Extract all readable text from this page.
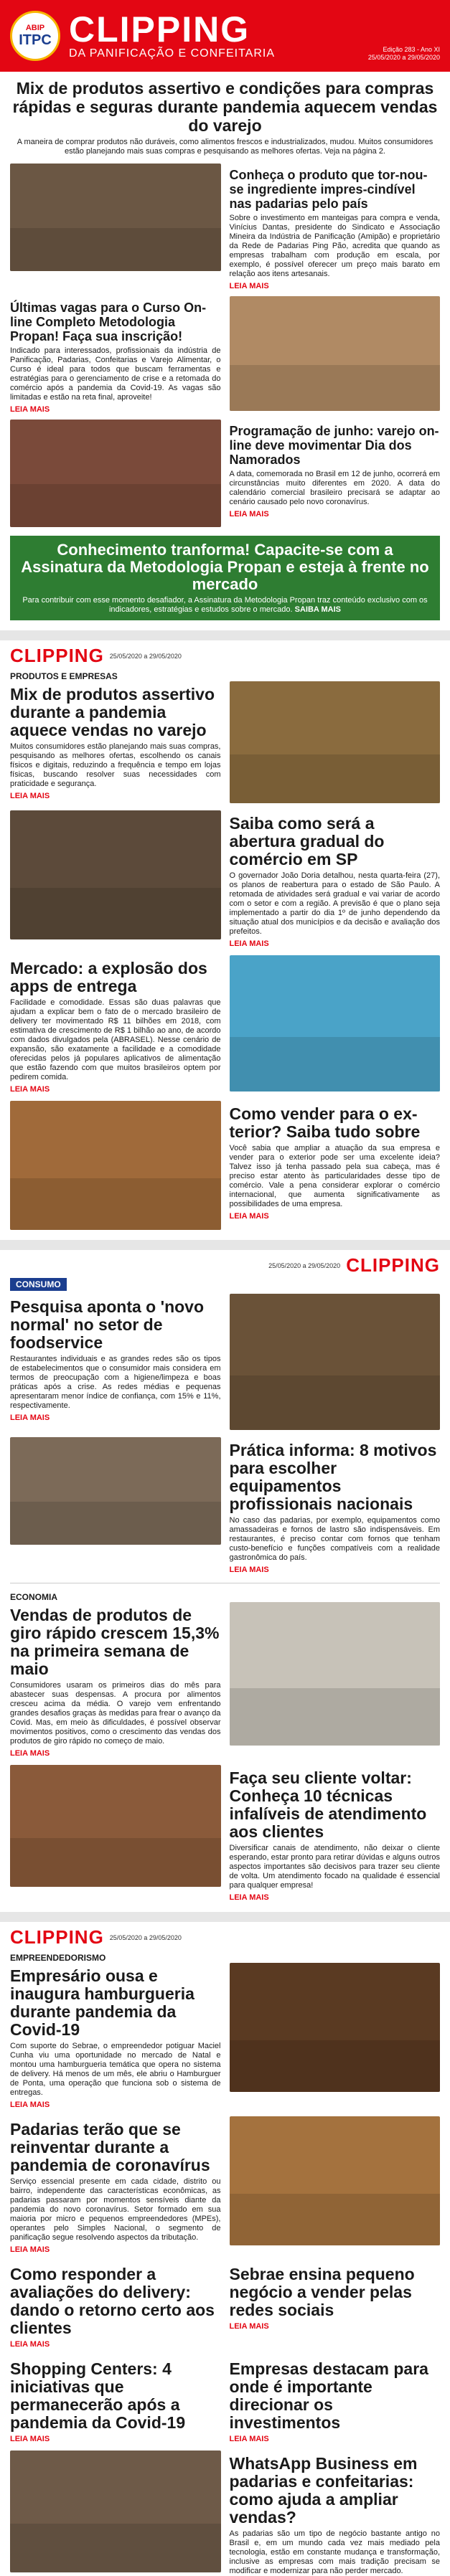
ABIP
ITPC CLIPPING
DA PANIFICAÇÃO E CONFEITARIA	Edição 283 - Ano XI
25/05/2020 a 29/05/2020
Mix de produtos assertivo e condições para compras rápidas e seguras durante pandemia aquecem vendas do varejo

A maneira de comprar produtos não duráveis, como alimentos frescos e industrializados, mudou. Muitos consumidores estão planejando mais suas compras e pesquisando as melhores ofertas. Veja na página 2.

Conheça o produto que tor-nou-se ingrediente impres-cindível nas padarias pelo país

Sobre o investimento em manteigas para compra e venda, Vinícius Dantas, presidente do Sindicato e Associação Mineira da Indústria de Panificação (Amipão) e proprietário da Rede de Padarias Ping Pão, acredita que quando as empresas trabalham com produção em escala, por exemplo, é possível oferecer um preço mais barato em relação aos itens artesanais.

LEIA MAIS
Últimas vagas para o Curso On-line Completo Metodologia Propan! Faça sua inscrição!

Indicado para interessados, profissionais da indústria de Panificação, Padarias, Confeitarias e Varejo Alimentar, o Curso é ideal para todos que buscam ferramentas e estratégias para o gerenciamento de crise e a retomada do comércio após a pandemia da Covid-19. As vagas são limitadas e estão na reta final, aproveite!

LEIA MAIS
Programação de junho: varejo on-line deve movimentar Dia dos Namorados

A data, comemorada no Brasil em 12 de junho, ocorrerá em circunstâncias muito diferentes em 2020. A data do calendário comercial brasileiro precisará se adaptar ao cenário causado pelo novo coronavírus.

LEIA MAIS
Conhecimento tranforma! Capacite-se com a Assinatura da Metodologia Propan e esteja à frente no mercado

Para contribuir com esse momento desafiador, a Assinatura da Metodologia Propan traz conteúdo exclusivo com os indicadores, estratégias e estudos sobre o mercado. SAIBA MAIS

CLIPPING 25/05/2020 a 29/05/2020
PRODUTOS E EMPRESAS
Mix de produtos assertivo durante a pandemia aquece vendas no varejo

Muitos consumidores estão planejando mais suas compras, pesquisando as melhores ofertas, escolhendo os canais físicos e digitais, reduzindo a frequência e tempo em lojas físicas, buscando resolver suas necessidades com praticidade e segurança.

LEIA MAIS
Saiba como será a abertura gradual do comércio em SP

O governador João Doria detalhou, nesta quarta-feira (27), os planos de reabertura para o estado de São Paulo. A retomada de atividades será gradual e vai variar de acordo com o setor e com a região. A previsão é que o plano seja implementado a partir do dia 1º de junho dependendo da situação atual dos municípios e da decisão e avaliação dos prefeitos.

LEIA MAIS
Mercado: a explosão dos apps de entrega

Facilidade e comodidade. Essas são duas palavras que ajudam a explicar bem o fato de o mercado brasileiro de delivery ter movimentado R$ 11 bilhões em 2018, com estimativa de crescimento de R$ 1 bilhão ao ano, de acordo com dados divulgados pela (ABRASEL). Nesse cenário de expansão, são exatamente a facilidade e a comodidade oferecidas pelos já populares aplicativos de alimentação que estão fazendo com que muitos brasileiros optem por pedirem comida.

LEIA MAIS
Como vender para o ex-terior? Saiba tudo sobre

Você sabia que ampliar a atuação da sua empresa e vender para o exterior pode ser uma excelente ideia? Talvez isso já tenha passado pela sua cabeça, mas é preciso estar atento às particularidades desse tipo de comércio. Vale a pena considerar explorar o comércio internacional, que aumenta significativamente as possibilidades de uma empresa.

LEIA MAIS
25/05/2020 a 29/05/2020 CLIPPING
CONSUMO
Pesquisa aponta o 'novo normal' no setor de foodservice

Restaurantes individuais e as grandes redes são os tipos de estabelecimentos que o consumidor mais considera em termos de preocupação com a higiene/limpeza e boas práticas após a crise. As redes médias e pequenas apresentaram menor índice de confiança, com 15% e 11%, respectivamente.

LEIA MAIS
Prática informa: 8 motivos para escolher equipamentos profissionais nacionais

No caso das padarias, por exemplo, equipamentos como amassadeiras e fornos de lastro são indispensáveis. Em restaurantes, é preciso contar com fornos que tenham custo-benefício e funções compatíveis com a realidade gastronômica do país.

LEIA MAIS
ECONOMIA
Vendas de produtos de giro rápido crescem 15,3% na primeira semana de maio

Consumidores usaram os primeiros dias do mês para abastecer suas despensas. A procura por alimentos cresceu acima da média. O varejo vem enfrentando grandes desafios graças às medidas para frear o avanço da Covid. Mas, em meio às dificuldades, é possível observar movimentos positivos, como o crescimento das vendas dos produtos de giro rápido no começo de maio.

LEIA MAIS
Faça seu cliente voltar: Conheça 10 técnicas infalíveis de atendimento aos clientes

Diversificar canais de atendimento, não deixar o cliente esperando, estar pronto para retirar dúvidas e alguns outros aspectos importantes são decisivos para trazer seu cliente de volta. Um atendimento focado na qualidade é essencial para qualquer empresa!

LEIA MAIS
CLIPPING 25/05/2020 a 29/05/2020
EMPREENDEDORISMO
Empresário ousa e inaugura hamburgueria durante pandemia da Covid-19

Com suporte do Sebrae, o empreendedor potiguar Maciel Cunha viu uma oportunidade no mercado de Natal e montou uma hamburgueria temática que opera no sistema de delivery. Há menos de um mês, ele abriu o Hamburguer de Ponta, uma operação que funciona sob o sistema de entregas.

LEIA MAIS
Padarias terão que se reinventar durante a pandemia de coronavírus

Serviço essencial presente em cada cidade, distrito ou bairro, independente das características econômicas, as padarias passaram por momentos sensíveis diante da pandemia do novo coronavírus. Setor formado em sua maioria por micro e pequenos empreendedores (MPEs), operantes pelo Simples Nacional, o segmento de panificação segue resolvendo aspectos da tributação.

LEIA MAIS
Como responder a avaliações do delivery: dando o retorno certo aos clientes
LEIA MAIS
Sebrae ensina pequeno negócio a vender pelas redes sociais
LEIA MAIS
Shopping Centers: 4 iniciativas que permanecerão após a pandemia da Covid-19
LEIA MAIS
Empresas destacam para onde é importante direcionar os investimentos
LEIA MAIS
WhatsApp Business em padarias e confeitarias: como ajuda a ampliar vendas?

As padarias são um tipo de negócio bastante antigo no Brasil e, em um mundo cada vez mais mediado pela tecnologia, estão em constante mudança e transformação, inclusive as empresas com mais tradição precisam se modificar e modernizar para não perder mercado.
